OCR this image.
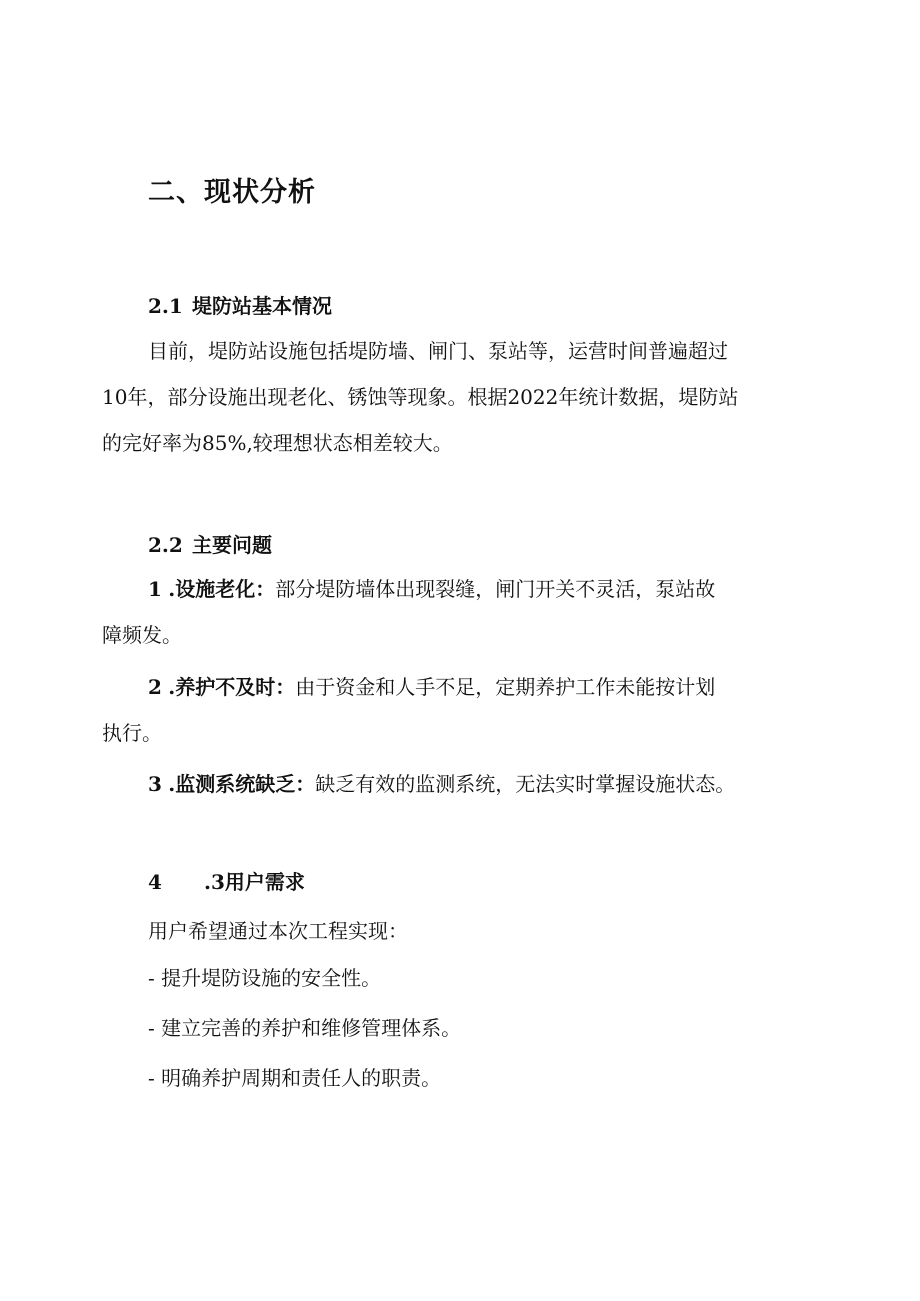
二、现状分析
2.1 堤防站基本情况
目前，堤防站设施包括堤防墙、闸门、泵站等，运营时间普遍超过
10年，部分设施出现老化、锈蚀等现象。根据2022年统计数据，堤防站
的完好率为85%,较理想状态相差较大。
2.2 主要问题
1 .设施老化：部分堤防墙体出现裂缝，闸门开关不灵活，泵站故
障频发。
2 .养护不及时：由于资金和人手不足，定期养护工作未能按计划
执行。
3 .监测系统缺乏：缺乏有效的监测系统，无法实时掌握设施状态。
4 .3用户需求
用户希望通过本次工程实现：
- 提升堤防设施的安全性。
- 建立完善的养护和维修管理体系。
- 明确养护周期和责任人的职责。
